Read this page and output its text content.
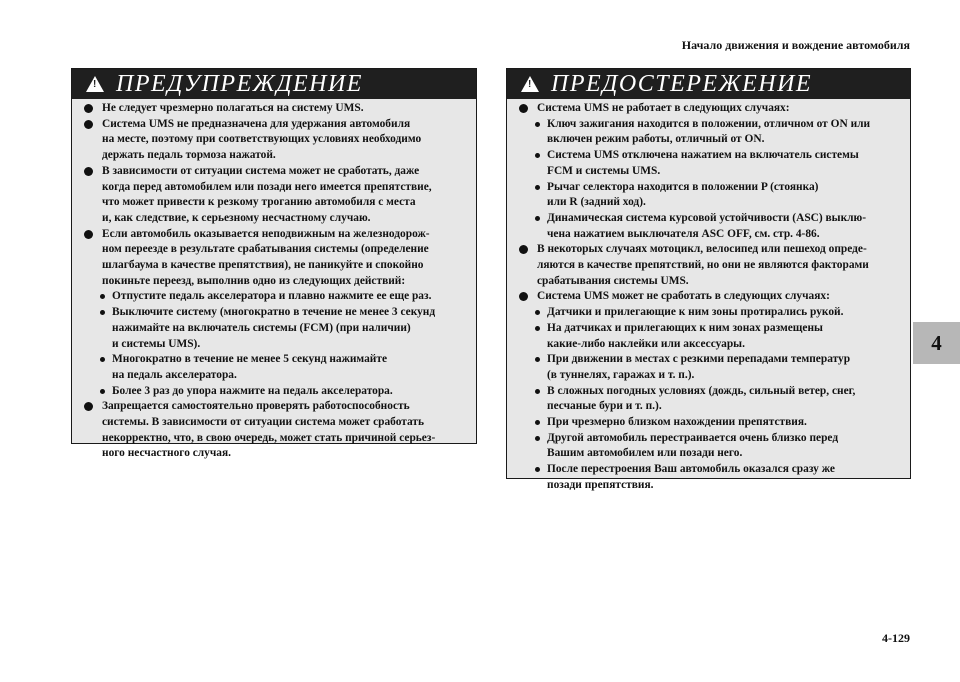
Начало движения и вождение автомобиля
! ПРЕДУПРЕЖДЕНИЕ
Не следует чрезмерно полагаться на систему UMS.
Система UMS не предназначена для удержания автомобиля
на месте, поэтому при соответствующих условиях необходимо
держать педаль тормоза нажатой.
В зависимости от ситуации система может не сработать, даже
когда перед автомобилем или позади него имеется препятствие,
что может привести к резкому троганию автомобиля с места
и, как следствие, к серьезному несчастному случаю.
Если автомобиль оказывается неподвижным на железнодорож-
ном переезде в результате срабатывания системы (определение
шлагбаума в качестве препятствия), не паникуйте и спокойно
покиньте переезд, выполнив одно из следующих действий:
Отпустите педаль акселератора и плавно нажмите ее еще раз.
Выключите систему (многократно в течение не менее 3 секунд
нажимайте на включатель системы (FCM) (при наличии)
и системы UMS).
Многократно в течение не менее 5 секунд нажимайте
на педаль акселератора.
Более 3 раз до упора нажмите на педаль акселератора.
Запрещается самостоятельно проверять работоспособность
системы. В зависимости от ситуации система может сработать
некорректно, что, в свою очередь, может стать причиной серьез-
ного несчастного случая.
! ПРЕДОСТЕРЕЖЕНИЕ
Система UMS не работает в следующих случаях:
Ключ зажигания находится в положении, отличном от ON или
включен режим работы, отличный от ON.
Система UMS отключена нажатием на включатель системы
FCM и системы UMS.
Рычаг селектора находится в положении P (стоянка)
или R (задний ход).
Динамическая система курсовой устойчивости (ASC) выклю-
чена нажатием выключателя ASC OFF, см. стр. 4-86.
В некоторых случаях мотоцикл, велосипед или пешеход опреде-
ляются в качестве препятствий, но они не являются факторами
срабатывания системы UMS.
Система UMS может не сработать в следующих случаях:
Датчики и прилегающие к ним зоны протирались рукой.
На датчиках и прилегающих к ним зонах размещены
какие-либо наклейки или аксессуары.
При движении в местах с резкими перепадами температур
(в туннелях, гаражах и т. п.).
В сложных погодных условиях (дождь, сильный ветер, снег,
песчаные бури и т. п.).
При чрезмерно близком нахождении препятствия.
Другой автомобиль перестраивается очень близко перед
Вашим автомобилем или позади него.
После перестроения Ваш автомобиль оказался сразу же
позади препятствия.
4
4-129
